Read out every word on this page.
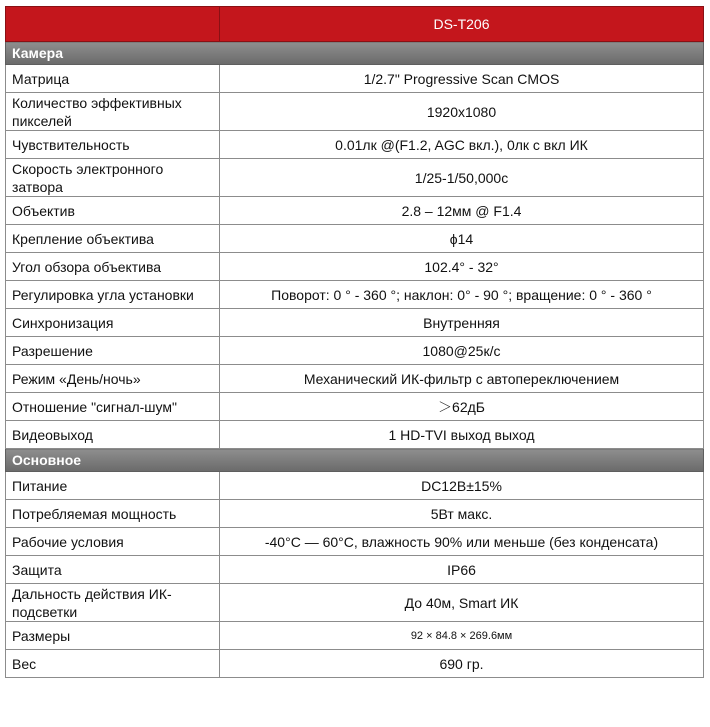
	DS-T206
Камера	
Матрица	1/2.7" Progressive Scan CMOS
Количество эффективных пикселей	1920x1080
Чувствительность	0.01лк @(F1.2, AGC вкл.), 0лк с вкл ИК
Скорость электронного затвора	1/25-1/50,000с
Объектив	2.8 – 12мм @ F1.4
Крепление объектива	ϕ14
Угол обзора объектива	102.4° - 32°
Регулировка угла установки	Поворот: 0 ° - 360 °; наклон: 0° - 90 °; вращение: 0 ° - 360 °
Синхронизация	Внутренняя
Разрешение	1080@25к/с
Режим «День/ночь»	Механический ИК-фильтр с автопереключением
Отношение "сигнал-шум"	＞62дБ
Видеовыход	1 HD-TVI выход выход
Основное	
Питание	DC12В±15%
Потребляемая мощность	5Вт макс.
Рабочие условия	-40°C — 60°C, влажность 90% или меньше (без конденсата)
Защита	IP66
Дальность действия ИК-подсветки	До 40м, Smart ИК
Размеры	92 × 84.8 × 269.6мм
Вес	690 гр.
